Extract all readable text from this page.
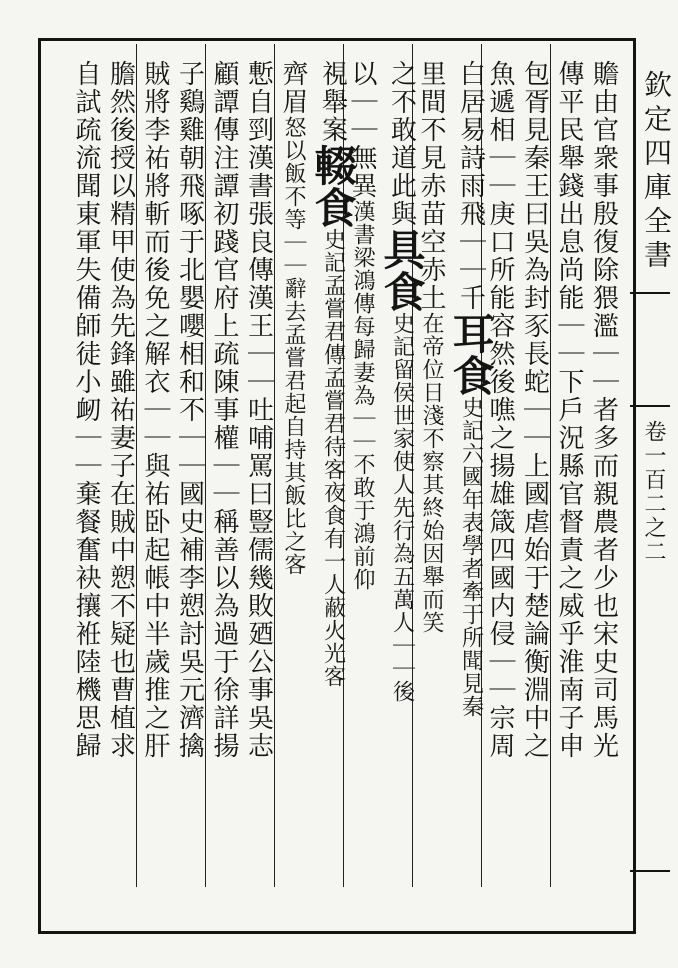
欽定四庫全書
卷一百二之二
贍由官衆事殷復除猥濫｜｜者多而親農者少也宋史司馬光
傳平民舉錢出息尚能｜｜下戶況縣官督責之威乎淮南子申
包胥見秦王曰吳為封豕長蛇｜｜上國虐始于楚論衡淵中之
魚遞相｜｜庚口所能容然後噍之揚雄箴四國内侵｜｜宗周
白居易詩雨飛｜｜千耳食史記六國年表學者牽于所聞見秦
里間不見赤苗空赤土在帝位日淺不察其終始因舉而笑
之不敢道此與具食史記留侯世家使人先行為五萬人｜｜後
以｜｜無異漢書梁鴻傳每歸妻為｜｜不敢于鴻前仰
視舉案輟食史記孟嘗君傳孟嘗君待客夜食有一人蔽火光客
齊眉怒以飯不等｜｜辭去孟嘗君起自持其飯比之客
慙自剄漢書張良傳漢王｜｜吐哺罵曰豎儒幾敗廼公事吳志
顧譚傳注譚初踐官府上疏陳事權｜｜稱善以為過于徐詳揚
子鷄雞朝飛啄于北嬰嚶相和不｜｜國史補李愬討吳元濟擒
賊將李祐將斬而後免之解衣｜｜與祐卧起帳中半歲推之肝
膽然後授以精甲使為先鋒雖祐妻子在賊中愬不疑也曹植求
自試疏流聞東軍失備師徒小衂｜｜棄餐奮袂攘袵陸機思歸
